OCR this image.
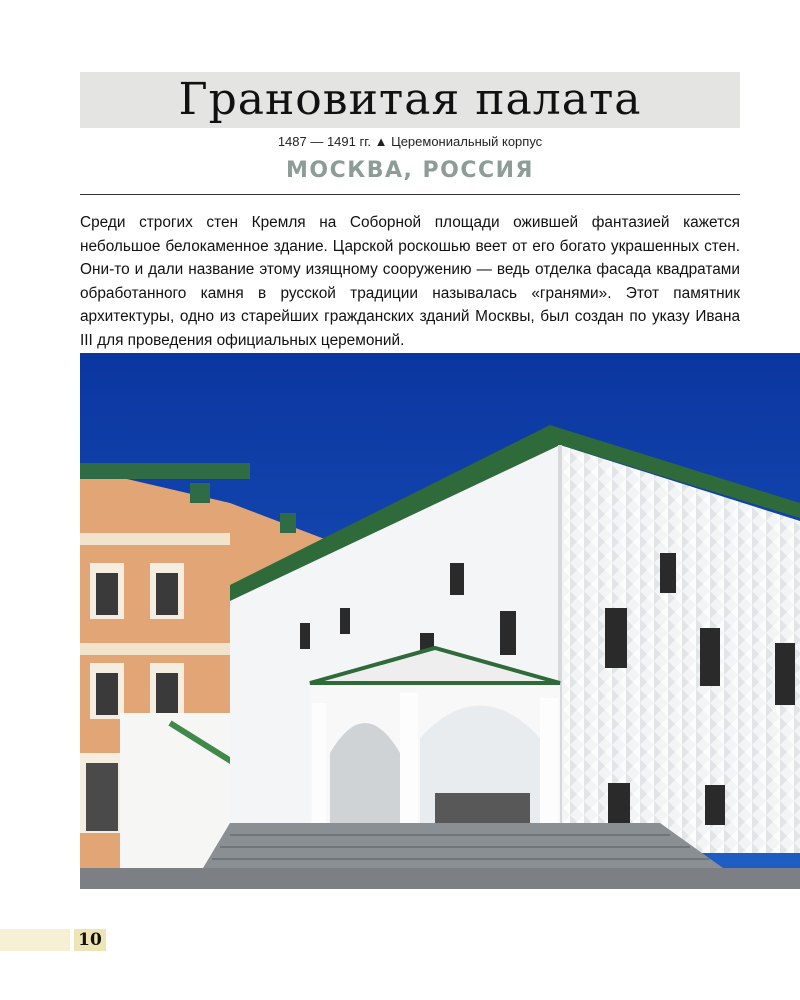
Грановитая палата
1487 — 1491 гг. ▲ Церемониальный корпус
МОСКВА, РОССИЯ

Среди строгих стен Кремля на Соборной площади ожившей фантазией кажется небольшое белокаменное здание. Царской роскошью веет от его богато украшенных стен. Они-то и дали название этому изящному сооружению — ведь отделка фасада квадратами обработанного камня в русской традиции называлась «гранями». Этот памятник архитектуры, одно из старейших гражданских зданий Москвы, был создан по указу Ивана III для проведения официальных церемоний.

10
